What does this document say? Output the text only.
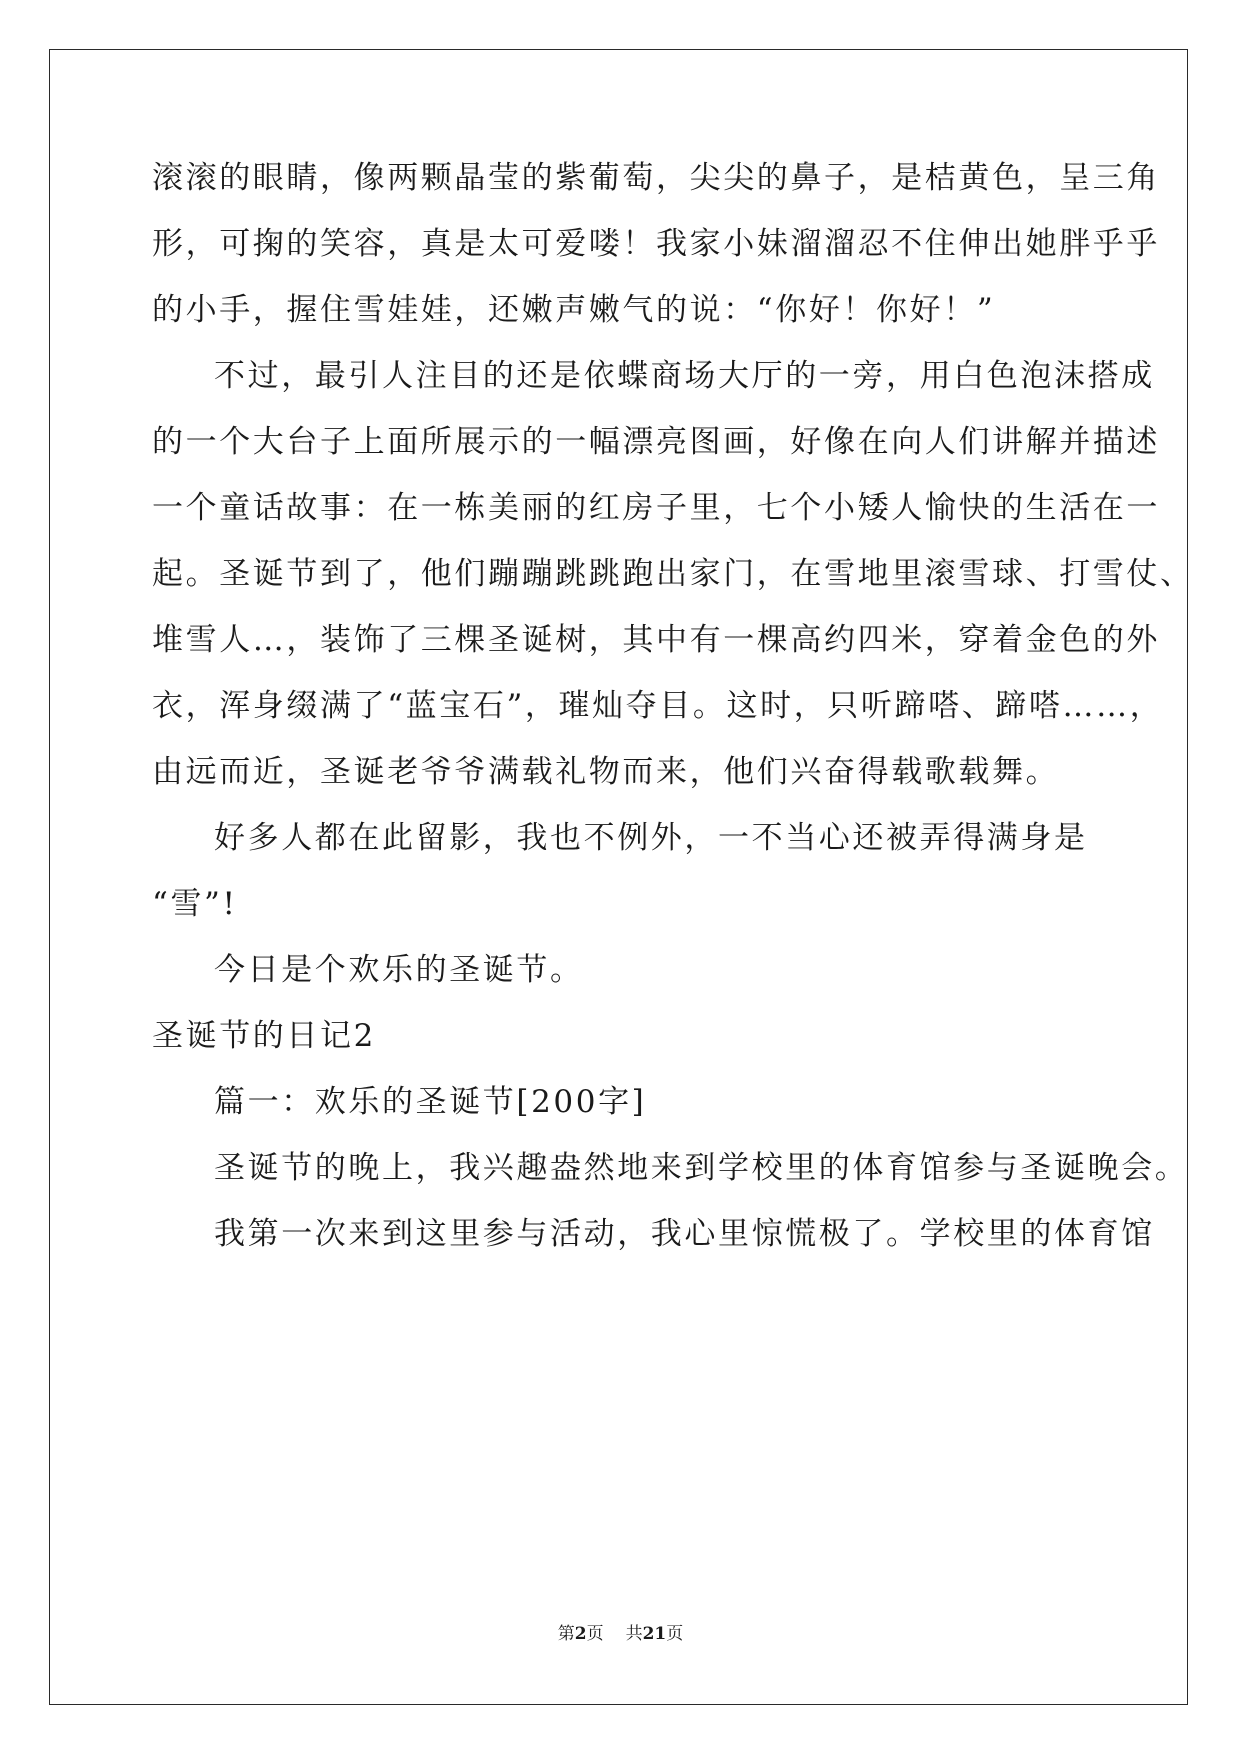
滚滚的眼睛，像两颗晶莹的紫葡萄，尖尖的鼻子，是桔黄色，呈三角
形，可掬的笑容，真是太可爱喽！我家小妹溜溜忍不住伸出她胖乎乎
的小手，握住雪娃娃，还嫩声嫩气的说：“你好！你好！”
不过，最引人注目的还是依蝶商场大厅的一旁，用白色泡沫搭成
的一个大台子上面所展示的一幅漂亮图画，好像在向人们讲解并描述
一个童话故事：在一栋美丽的红房子里，七个小矮人愉快的生活在一
起。圣诞节到了，他们蹦蹦跳跳跑出家门，在雪地里滚雪球、打雪仗、
堆雪人…，装饰了三棵圣诞树，其中有一棵高约四米，穿着金色的外
衣，浑身缀满了“蓝宝石”，璀灿夺目。这时，只听蹄嗒、蹄嗒……，
由远而近，圣诞老爷爷满载礼物而来，他们兴奋得载歌载舞。
好多人都在此留影，我也不例外，一不当心还被弄得满身是
“雪”!
今日是个欢乐的圣诞节。
圣诞节的日记2
篇一：欢乐的圣诞节[200字]
圣诞节的晚上，我兴趣盎然地来到学校里的体育馆参与圣诞晚会。
我第一次来到这里参与活动，我心里惊慌极了。学校里的体育馆
第2页 共21页
